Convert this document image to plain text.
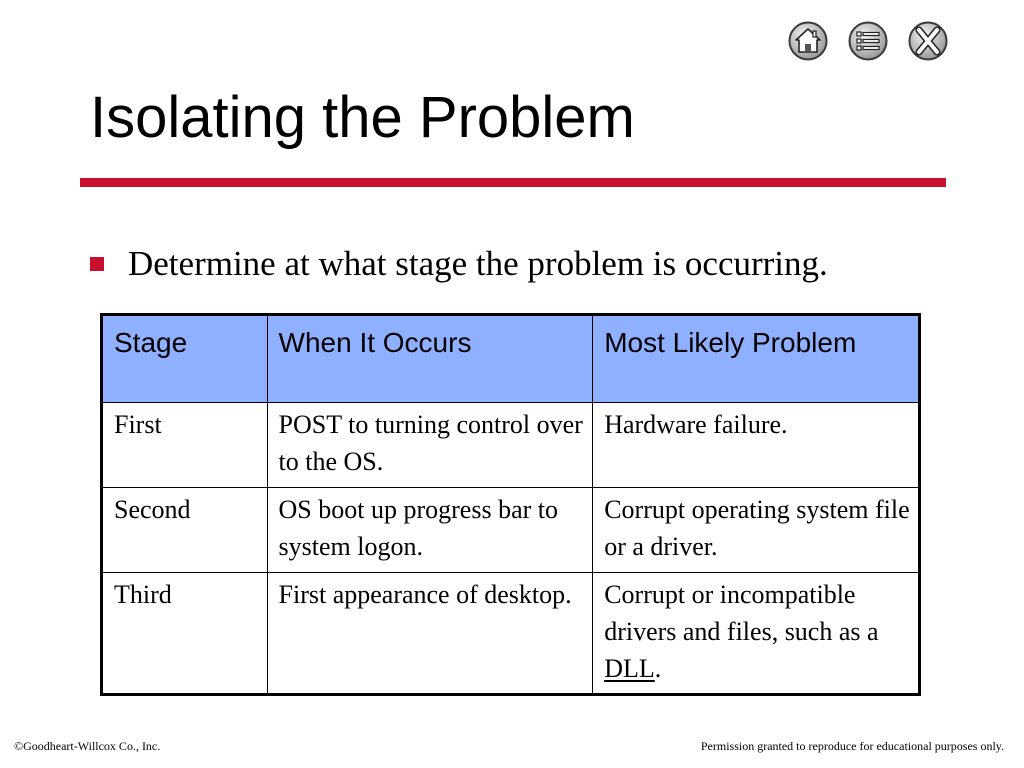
Isolating the Problem
Determine at what stage the problem is occurring.
Stage	When It Occurs	Most Likely Problem
First	POST to turning control over to the OS.	Hardware failure.
Second	OS boot up progress bar to system logon.	Corrupt operating system file or a driver.
Third	First appearance of desktop.	Corrupt or incompatible drivers and files, such as a DLL.
©Goodheart-Willcox Co., Inc.	Permission granted to reproduce for educational purposes only.
